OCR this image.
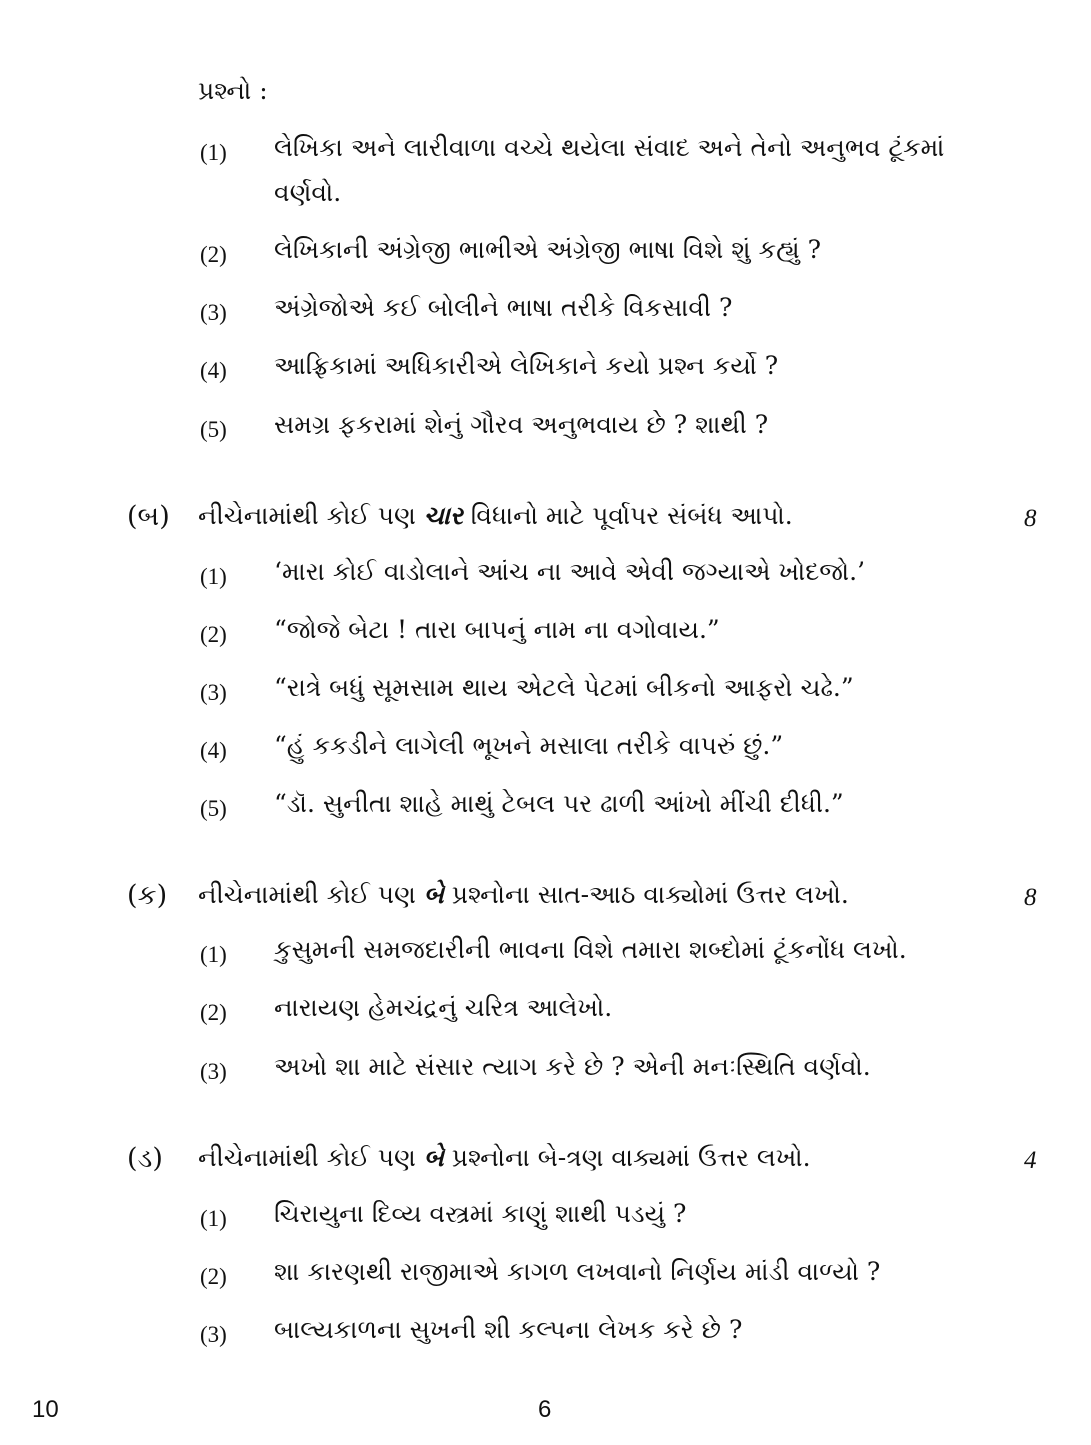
પ્રશ્નો :
(1) લેખિકા અને લારીવાળા વચ્ચે થયેલા સંવાદ અને તેનો અનુભવ ટૂંકમાં
વર્ણવો.
(2) લેખિકાની અંગ્રેજી ભાભીએ અંગ્રેજી ભાષા વિશે શું કહ્યું ?
(3) અંગ્રેજોએ કઈ બોલીને ભાષા તરીકે વિકસાવી ?
(4) આફ્રિકામાં અધિકારીએ લેખિકાને કયો પ્રશ્ન કર્યો ?
(5) સમગ્ર ફકરામાં શેનું ગૌરવ અનુભવાય છે ? શાથી ?
(બ) નીચેનામાંથી કોઈ પણ ચાર વિધાનો માટે પૂર્વાપર સંબંધ આપો.	8
(1) ‘મારા કોઈ વાડોલાને આંચ ના આવે એવી જગ્યાએ ખોદજો.’
(2) “જોજે બેટા ! તારા બાપનું નામ ના વગોવાય.”
(3) “રાત્રે બધું સૂમસામ થાય એટલે પેટમાં બીકનો આફરો ચઢે.”
(4) “હું કકડીને લાગેલી ભૂખને મસાલા તરીકે વાપરું છું.”
(5) “ડૉ. સુનીતા શાહે માથું ટેબલ પર ઢાળી આંખો મીંચી દીધી.”
(ક) નીચેનામાંથી કોઈ પણ બે પ્રશ્નોના સાત-આઠ વાક્યોમાં ઉત્તર લખો.	8
(1) કુસુમની સમજદારીની ભાવના વિશે તમારા શબ્દોમાં ટૂંકનોંધ લખો.
(2) નારાયણ હેમચંદ્રનું ચરિત્ર આલેખો.
(3) અખો શા માટે સંસાર ત્યાગ કરે છે ? એની મનઃસ્થિતિ વર્ણવો.
(ડ) નીચેનામાંથી કોઈ પણ બે પ્રશ્નોના બે-ત્રણ વાક્યમાં ઉત્તર લખો.	4
(1) ચિરાયુના દિવ્ય વસ્ત્રમાં કાણું શાથી પડયું ?
(2) શા કારણથી રાજીમાએ કાગળ લખવાનો નિર્ણય માંડી વાળ્યો ?
(3) બાલ્યકાળના સુખની શી કલ્પના લેખક કરે છે ?
10	6
